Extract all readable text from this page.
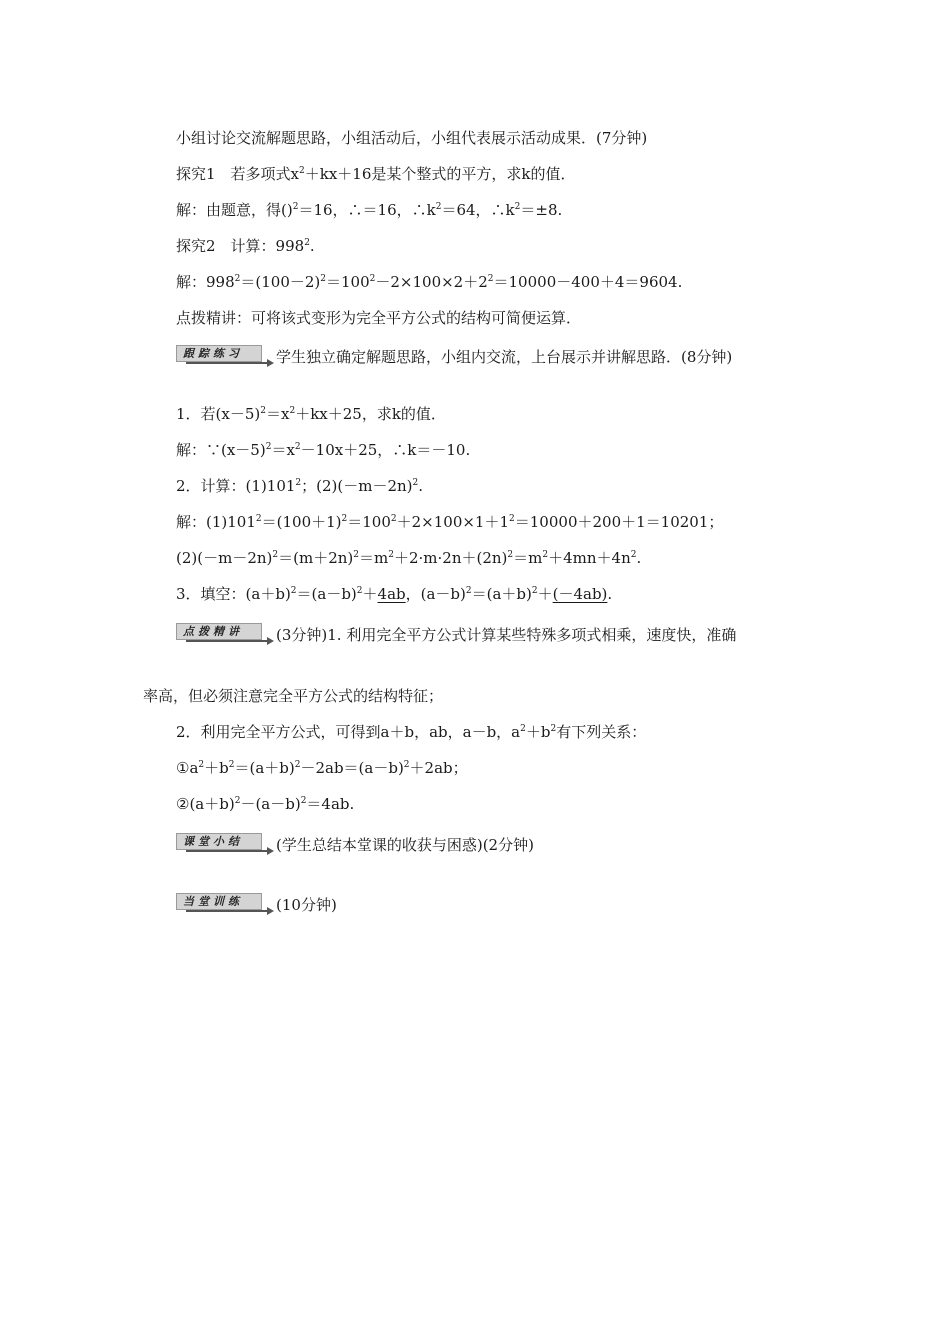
小组讨论交流解题思路，小组活动后，小组代表展示活动成果．(7分钟)
探究1　若多项式$x^2+kx+16$是某个整式的平方，求k的值．
解：由题意，得()$^2$＝16，∴＝16，$\therefore k^2=64$，$\therefore k^2=\pm 8$.
探究2　计算：$998^2$.
解：$998^2=(100-2)^2=100^2-2\times 100\times 2+2^2=10000-400+4=9604$.
点拨精讲：可将该式变形为完全平方公式的结构可简便运算．
跟踪练习	学生独立确定解题思路，小组内交流，上台展示并讲解思路．(8分钟)
1．若$(x-5)^2=x^2+kx+25$，求k的值．
解：$\because(x-5)^2=x^2-10x+25$，∴k＝－10.
2．计算：$(1)101^2$；$(2)(-m-2n)^2$.
解：$(1)101^2=(100+1)^2=100^2+2\times 100\times 1+1^2=10000+200+1=10201$；
$(2)(-m-2n)^2=(m+2n)^2=m^2+2\cdot m\cdot 2n+(2n)^2=m^2+4mn+4n^2$.
3．填空：$(a+b)^2=(a-b)^2+4ab$，$(a-b)^2=(a+b)^2+(-4ab)$.
点拨精讲	(3分钟)1. 利用完全平方公式计算某些特殊多项式相乘，速度快，准确
率高，但必须注意完全平方公式的结构特征；
2．利用完全平方公式，可得到a＋b，ab，a－b，$a^2+b^2$有下列关系：
$①a^2+b^2=(a+b)^2-2ab=(a-b)^2+2ab$；
$②(a+b)^2-(a-b)^2=4ab$.
课堂小结	(学生总结本堂课的收获与困惑)(2分钟)
当堂训练	(10分钟)
